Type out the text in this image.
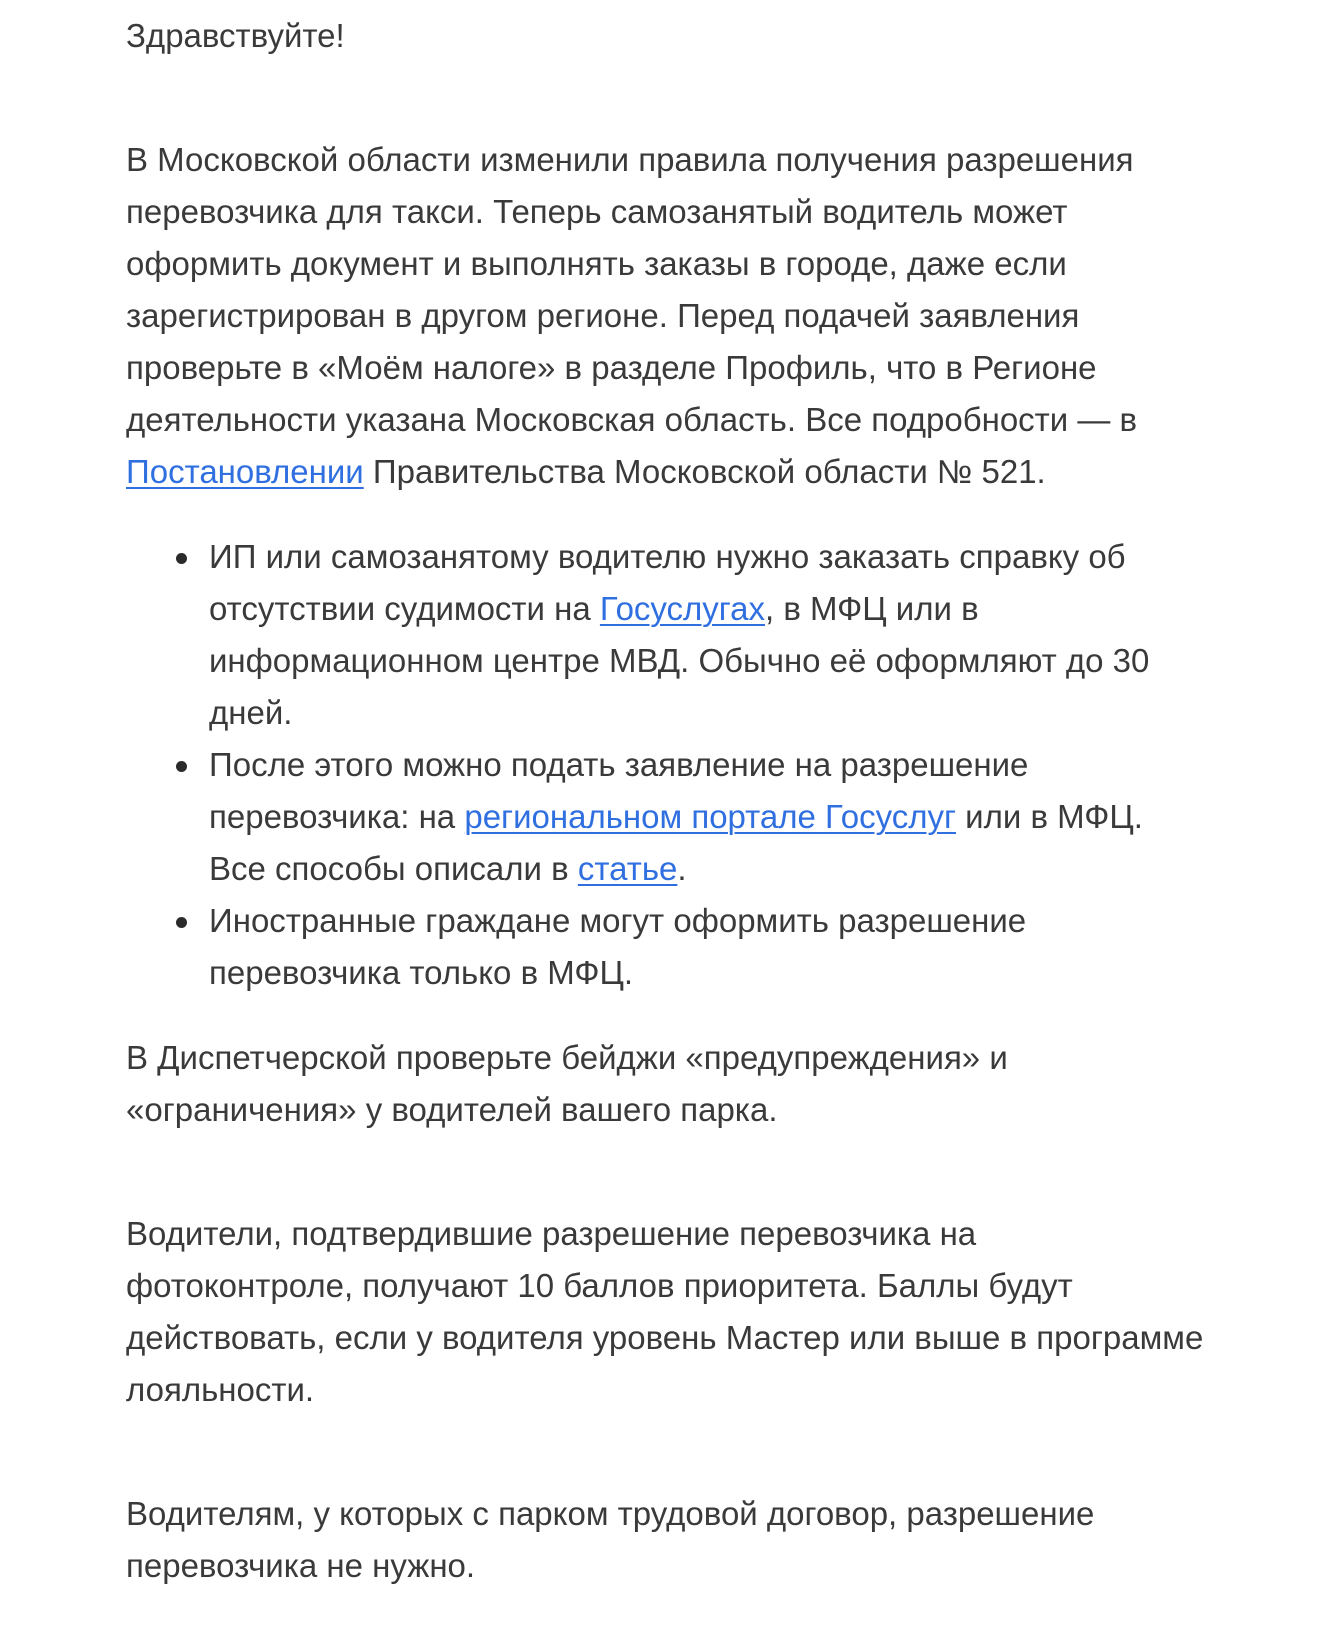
Здравствуйте!

В Московской области изменили правила получения разрешения перевозчика для такси. Теперь самозанятый водитель может оформить документ и выполнять заказы в городе, даже если зарегистрирован в другом регионе. Перед подачей заявления проверьте в «Моём налоге» в разделе Профиль, что в Регионе деятельности указана Московская область. Все подробности — в Постановлении Правительства Московской области № 521.

ИП или самозанятому водителю нужно заказать справку об отсутствии судимости на Госуслугах, в МФЦ или в информационном центре МВД. Обычно её оформляют до 30 дней.
После этого можно подать заявление на разрешение перевозчика: на региональном портале Госуслуг или в МФЦ. Все способы описали в статье.
Иностранные граждане могут оформить разрешение перевозчика только в МФЦ.

В Диспетчерской проверьте бейджи «предупреждения» и «ограничения» у водителей вашего парка.

Водители, подтвердившие разрешение перевозчика на фотоконтроле, получают 10 баллов приоритета. Баллы будут действовать, если у водителя уровень Мастер или выше в программе лояльности.

Водителям, у которых с парком трудовой договор, разрешение перевозчика не нужно.
